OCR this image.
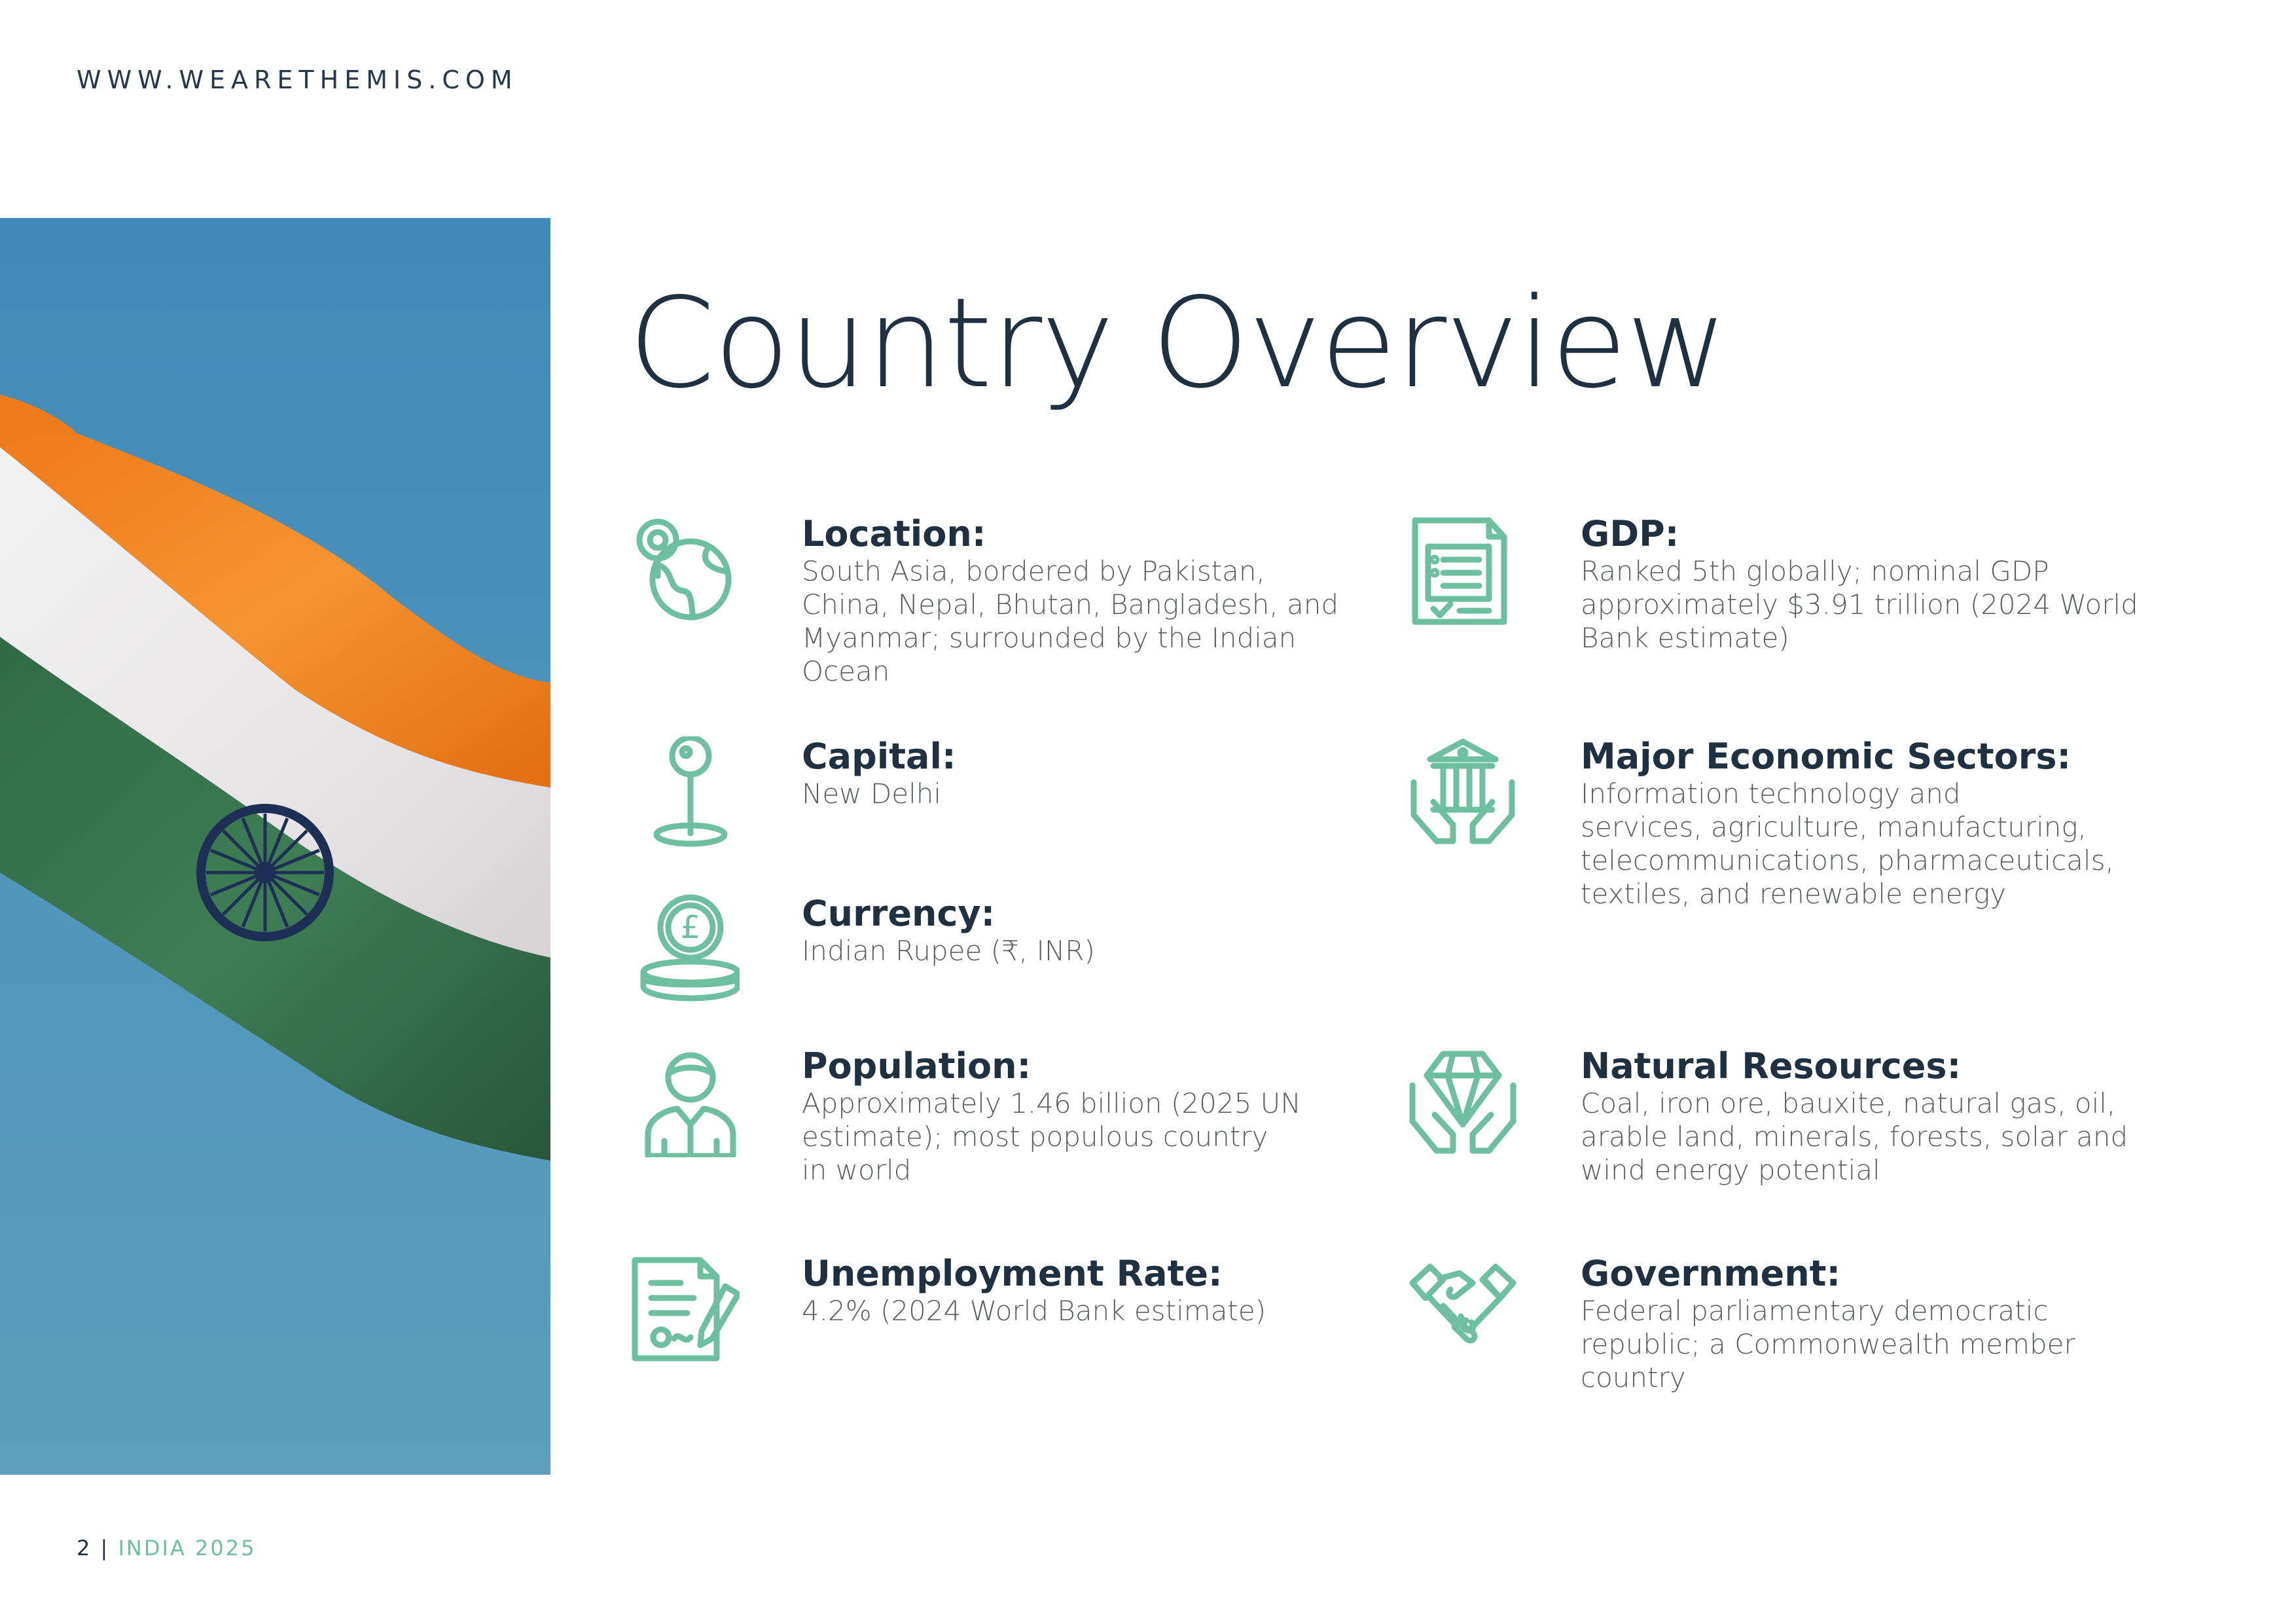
WWW.WEARETHEMIS.COM
Country Overview
Location:

South Asia, bordered by Pakistan,

China, Nepal, Bhutan, Bangladesh, and

Myanmar; surrounded by the Indian

Ocean

Capital:

New Delhi

£	Currency:

Indian Rupee (₹, INR)

Population:

Approximately 1.46 billion (2025 UN

estimate); most populous country

in world

Unemployment Rate:

4.2% (2024 World Bank estimate)

GDP:

Ranked 5th globally; nominal GDP

approximately $3.91 trillion (2024 World

Bank estimate)

Major Economic Sectors:

Information technology and

services, agriculture, manufacturing,

telecommunications, pharmaceuticals,

textiles, and renewable energy

Natural Resources:

Coal, iron ore, bauxite, natural gas, oil,

arable land, minerals, forests, solar and

wind energy potential

Government:

Federal parliamentary democratic

republic; a Commonwealth member

country

2 | INDIA 2025
